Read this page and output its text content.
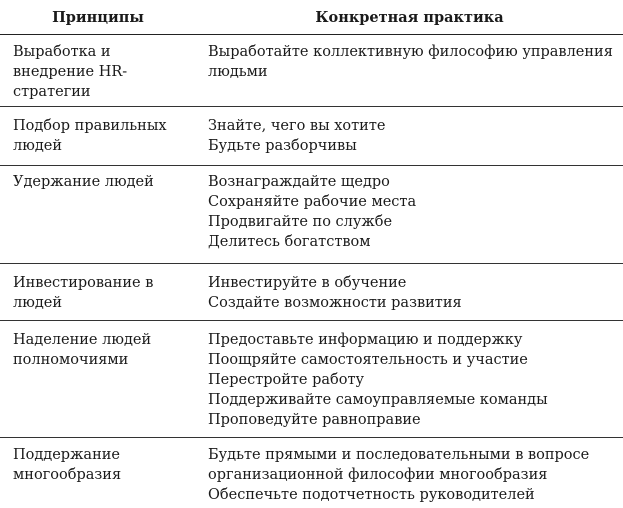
Принципы	Конкретная практика
Выработка и внедрение HR-стратегии
Выработайте коллективную философию управления людьми
Подбор правильных людей
Знайте, чего вы хотите
Будьте разборчивы
Удержание людей	Вознаграждайте щедро
Сохраняйте рабочие места
Продвигайте по службе
Делитесь богатством
Инвестирование в людей
Инвестируйте в обучение
Создайте возможности развития
Наделение людей полномочиями
Предоставьте информацию и поддержку
Поощряйте самостоятельность и участие
Перестройте работу
Поддерживайте самоуправляемые команды
Проповедуйте равноправие
Поддержание многообразия
Будьте прямыми и последовательными в вопросе организационной философии многообразия
Обеспечьте подотчетность руководителей
